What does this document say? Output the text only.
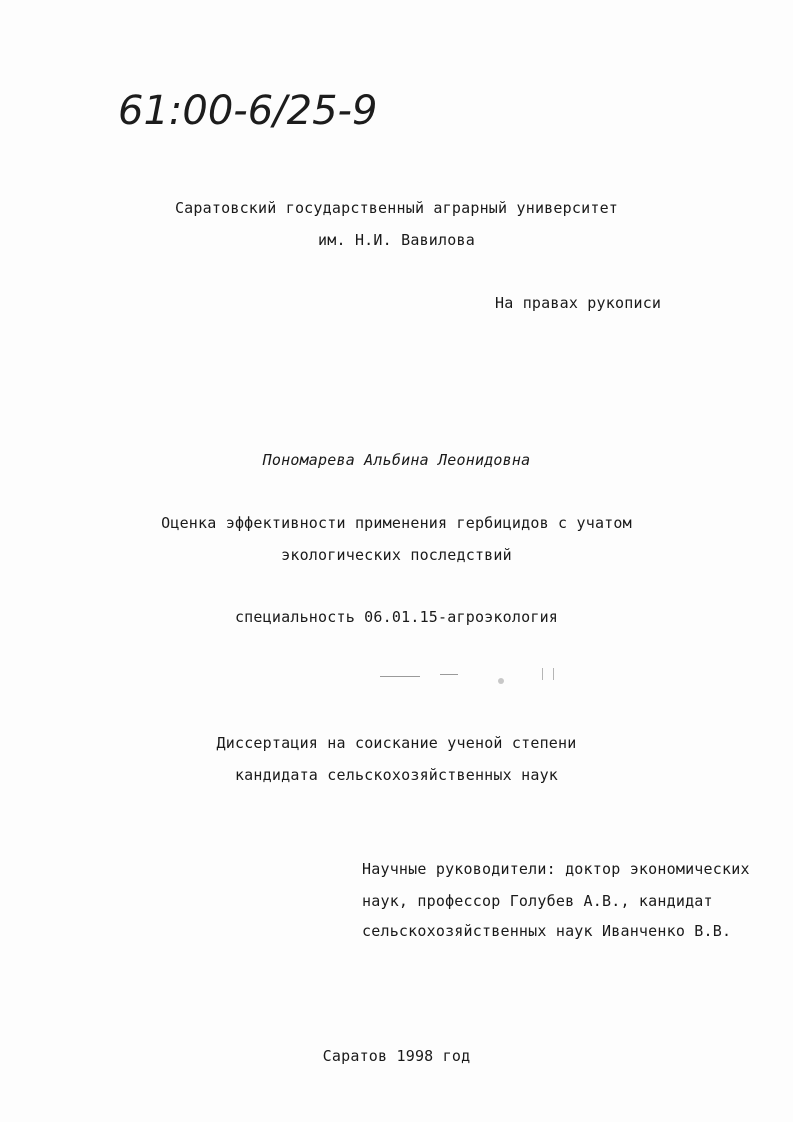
61:00-6/25-9
Саратовский государственный аграрный университет
им. Н.И. Вавилова
На правах рукописи
Пономарева Альбина Леонидовна
Оценка эффективности применения гербицидов с учатом
экологических последствий
специальность 06.01.15-агроэкология
Диссертация на соискание ученой степени
кандидата сельскохозяйственных наук
Научные руководители: доктор экономических
наук, профессор Голубев А.В., кандидат
сельскохозяйственных наук Иванченко В.В.
Саратов 1998 год
